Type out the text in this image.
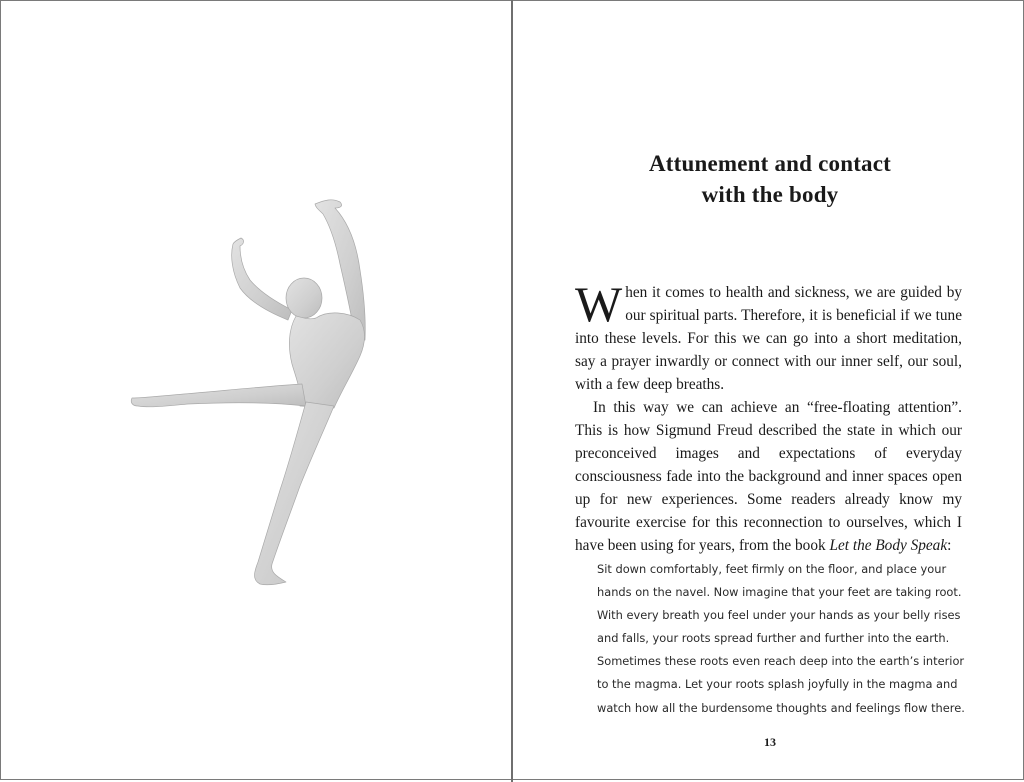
Attunement and contact
with the body

When it comes to health and sickness, we are guided by our spiritual parts. Therefore, it is beneficial if we tune into these levels. For this we can go into a short meditation, say a prayer inwardly or connect with our inner self, our soul, with a few deep breaths.

In this way we can achieve an “free-floating attention”. This is how Sigmund Freud described the state in which our preconceived images and expectations of everyday consciousness fade into the background and inner spaces open up for new experiences. Some readers already know my favourite exercise for this reconnection to ourselves, which I have been using for years, from the book Let the Body Speak:

Sit down comfortably, feet firmly on the floor, and place your
hands on the navel. Now imagine that your feet are taking root.
With every breath you feel under your hands as your belly rises
and falls, your roots spread further and further into the earth.
Sometimes these roots even reach deep into the earth’s interior
to the magma. Let your roots splash joyfully in the magma and
watch how all the burdensome thoughts and feelings flow there.
13
